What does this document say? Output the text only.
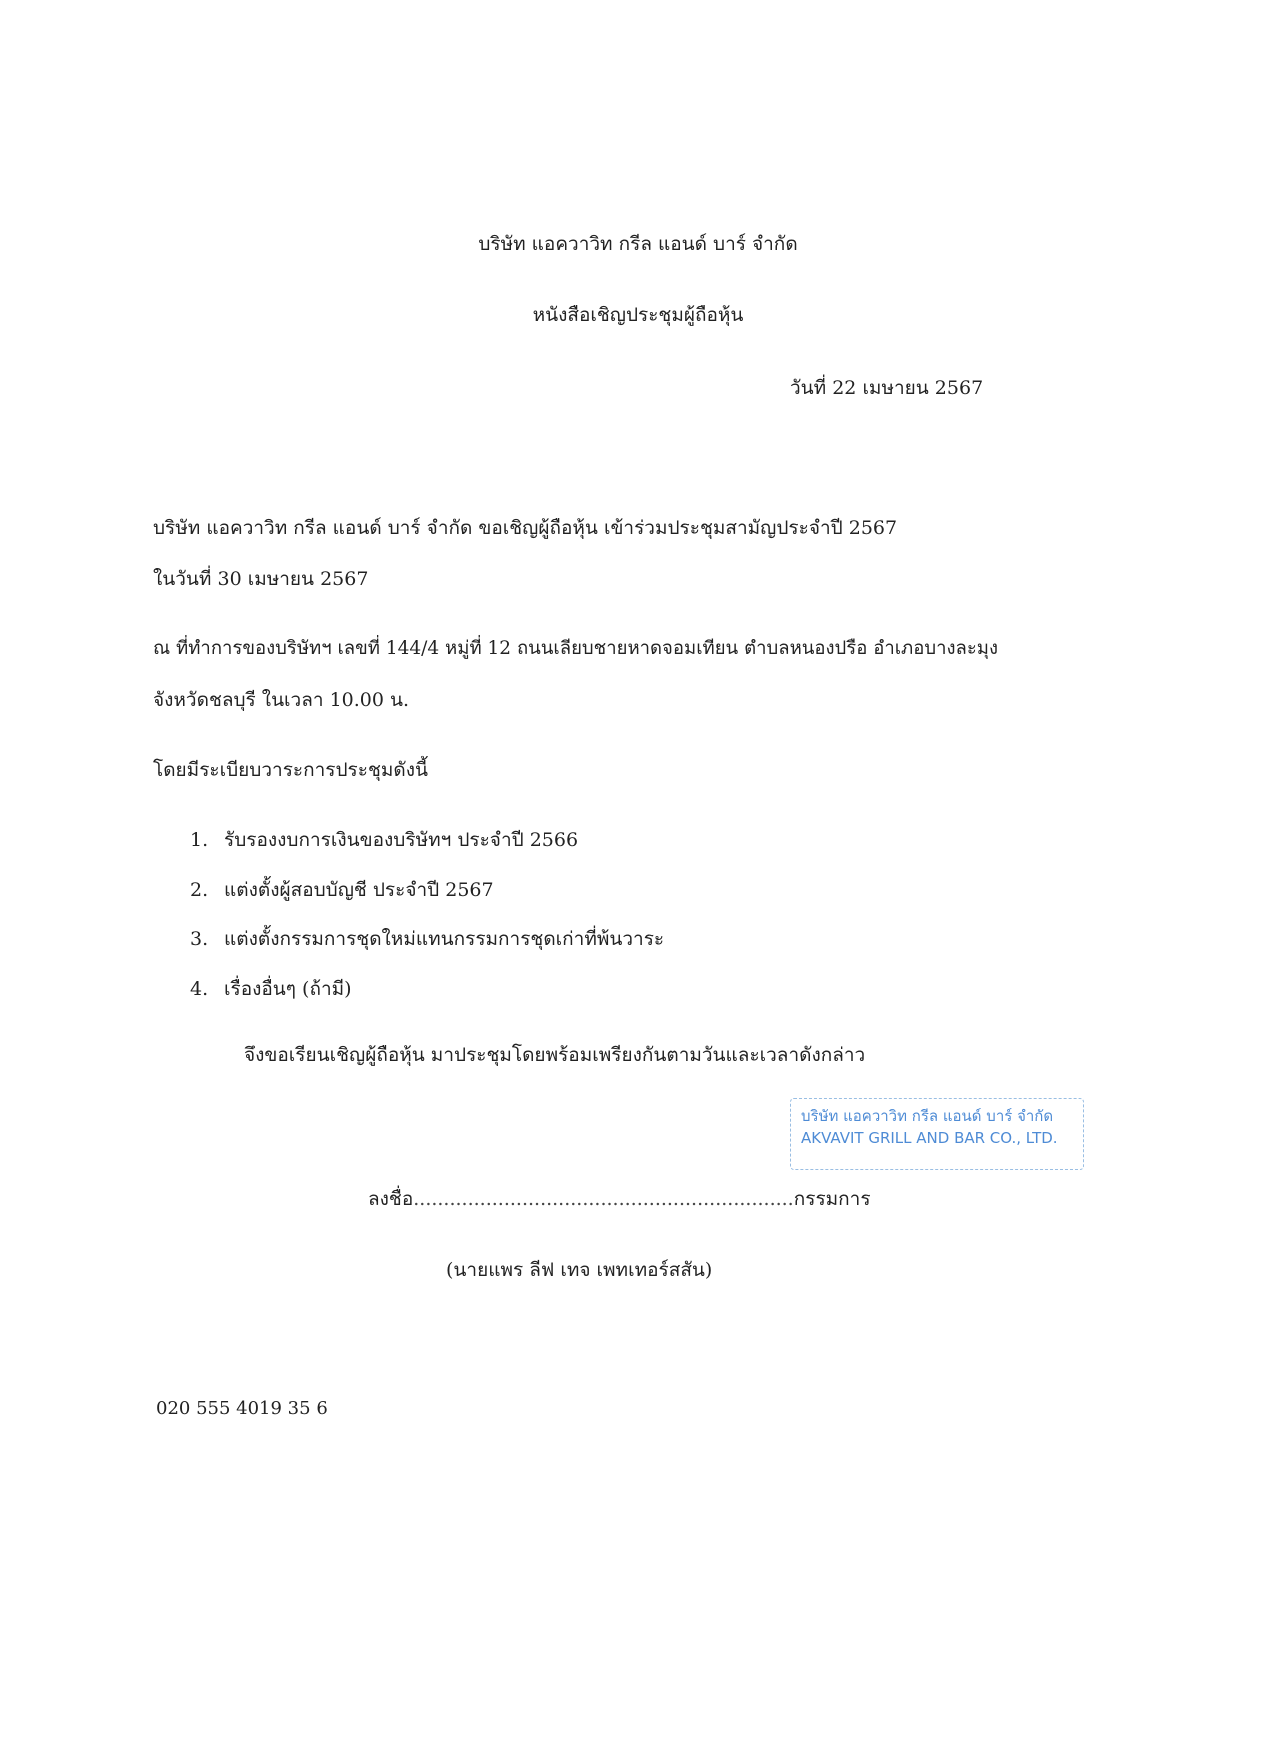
บริษัท แอควาวิท กรีล แอนด์ บาร์ จำกัด
หนังสือเชิญประชุมผู้ถือหุ้น
วันที่ 22 เมษายน 2567
บริษัท แอควาวิท กรีล แอนด์ บาร์ จำกัด ขอเชิญผู้ถือหุ้น เข้าร่วมประชุมสามัญประจำปี 2567
ในวันที่ 30 เมษายน 2567
ณ ที่ทำการของบริษัทฯ เลขที่ 144/4 หมู่ที่ 12 ถนนเลียบชายหาดจอมเทียน ตำบลหนองปรือ อำเภอบางละมุง
จังหวัดชลบุรี ในเวลา 10.00 น.
โดยมีระเบียบวาระการประชุมดังนี้
1. รับรองงบการเงินของบริษัทฯ ประจำปี 2566
2. แต่งตั้งผู้สอบบัญชี ประจำปี 2567
3. แต่งตั้งกรรมการชุดใหม่แทนกรรมการชุดเก่าที่พ้นวาระ
4. เรื่องอื่นๆ (ถ้ามี)
จึงขอเรียนเชิญผู้ถือหุ้น มาประชุมโดยพร้อมเพรียงกันตามวันและเวลาดังกล่าว
บริษัท แอควาวิท กรีล แอนด์ บาร์ จำกัด
AKVAVIT GRILL AND BAR CO., LTD.
ลงชื่อ...............................................................กรรมการ
(นายแพร ลีฟ เทจ เพทเทอร์สสัน)
020 555 4019 35 6
